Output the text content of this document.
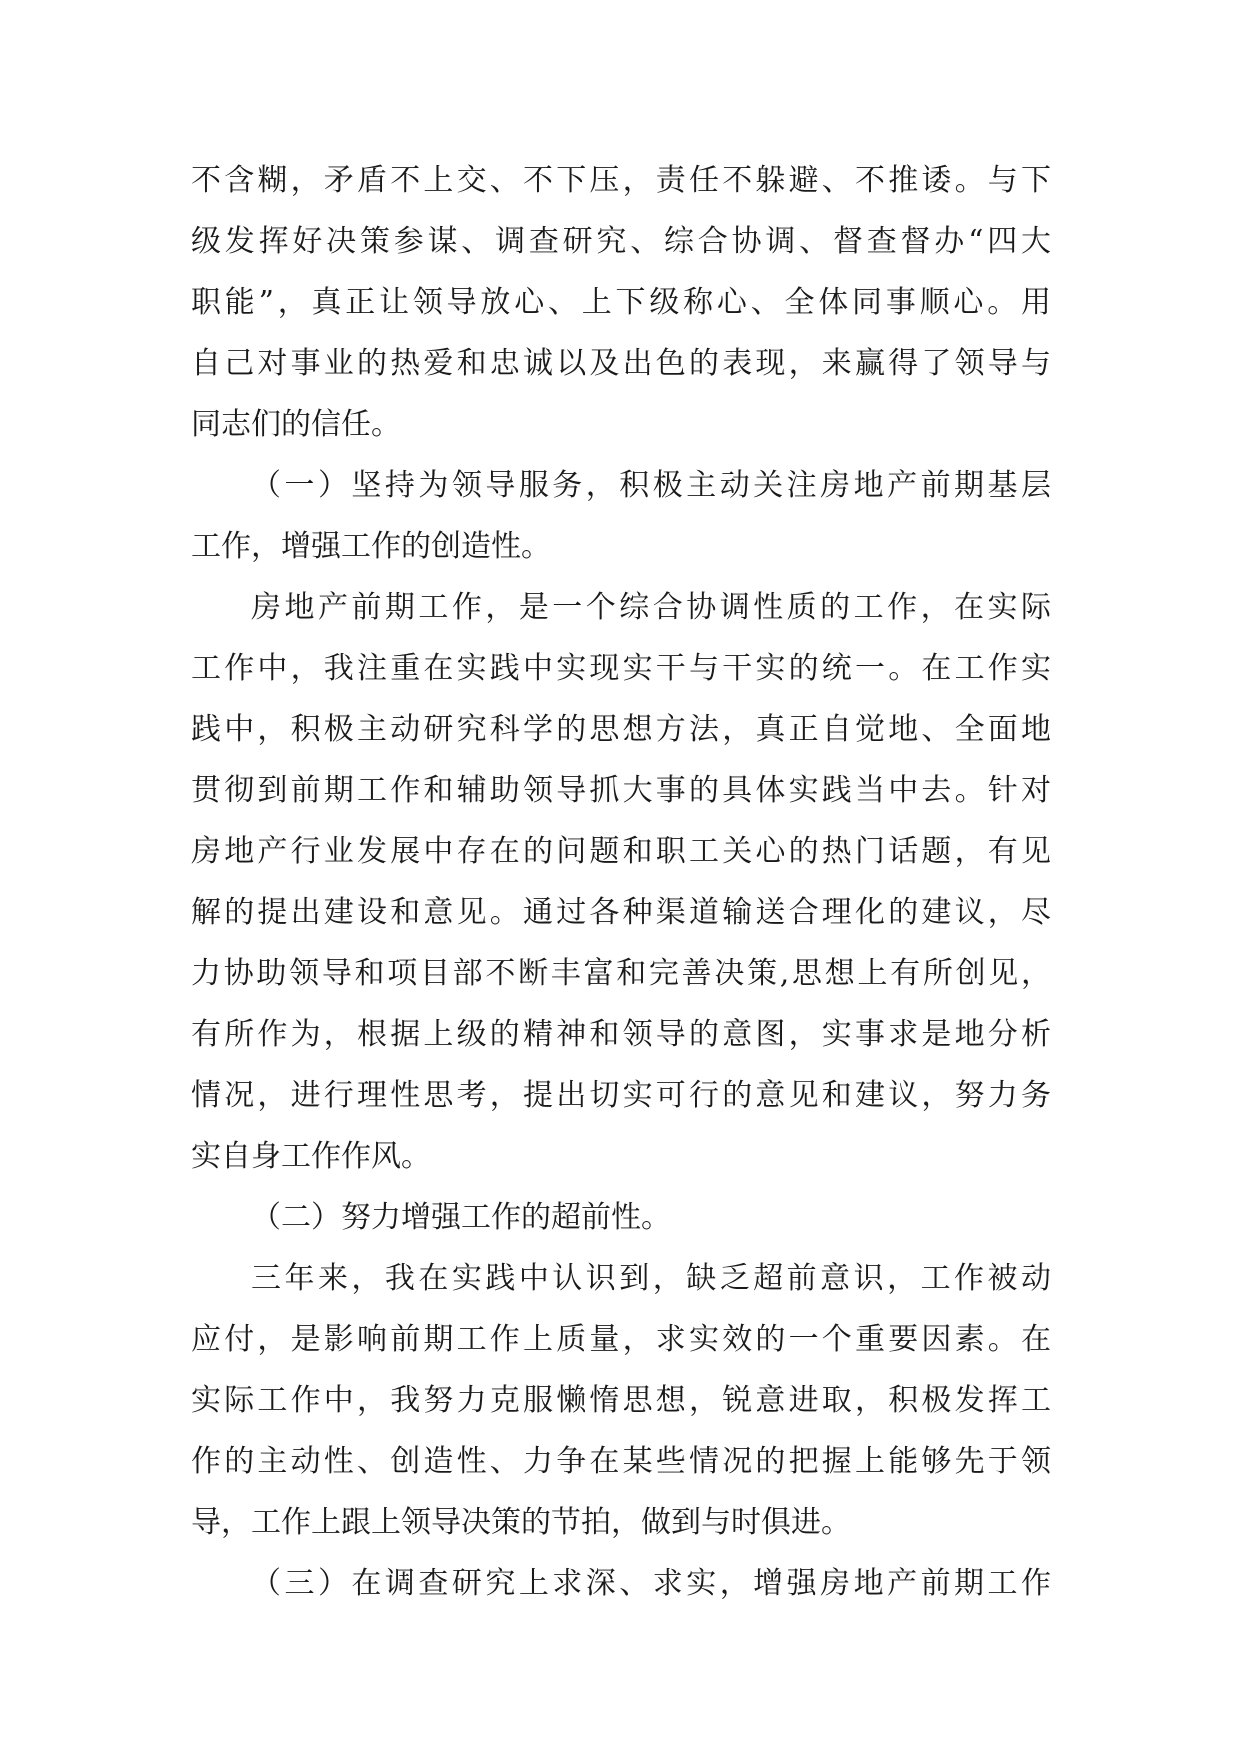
不含糊，矛盾不上交、不下压，责任不躲避、不推诿。与下
级发挥好决策参谋、调查研究、综合协调、督查督办“四大
职能”，真正让领导放心、上下级称心、全体同事顺心。用
自己对事业的热爱和忠诚以及出色的表现，来赢得了领导与
同志们的信任。
（一）坚持为领导服务，积极主动关注房地产前期基层
工作，增强工作的创造性。
房地产前期工作，是一个综合协调性质的工作，在实际
工作中，我注重在实践中实现实干与干实的统一。在工作实
践中，积极主动研究科学的思想方法，真正自觉地、全面地
贯彻到前期工作和辅助领导抓大事的具体实践当中去。针对
房地产行业发展中存在的问题和职工关心的热门话题，有见
解的提出建设和意见。通过各种渠道输送合理化的建议，尽
力协助领导和项目部不断丰富和完善决策,思想上有所创见，
有所作为，根据上级的精神和领导的意图，实事求是地分析
情况，进行理性思考，提出切实可行的意见和建议，努力务
实自身工作作风。
（二）努力增强工作的超前性。
三年来，我在实践中认识到，缺乏超前意识，工作被动
应付，是影响前期工作上质量，求实效的一个重要因素。在
实际工作中，我努力克服懒惰思想，锐意进取，积极发挥工
作的主动性、创造性、力争在某些情况的把握上能够先于领
导，工作上跟上领导决策的节拍，做到与时俱进。
（三）在调查研究上求深、求实，增强房地产前期工作
